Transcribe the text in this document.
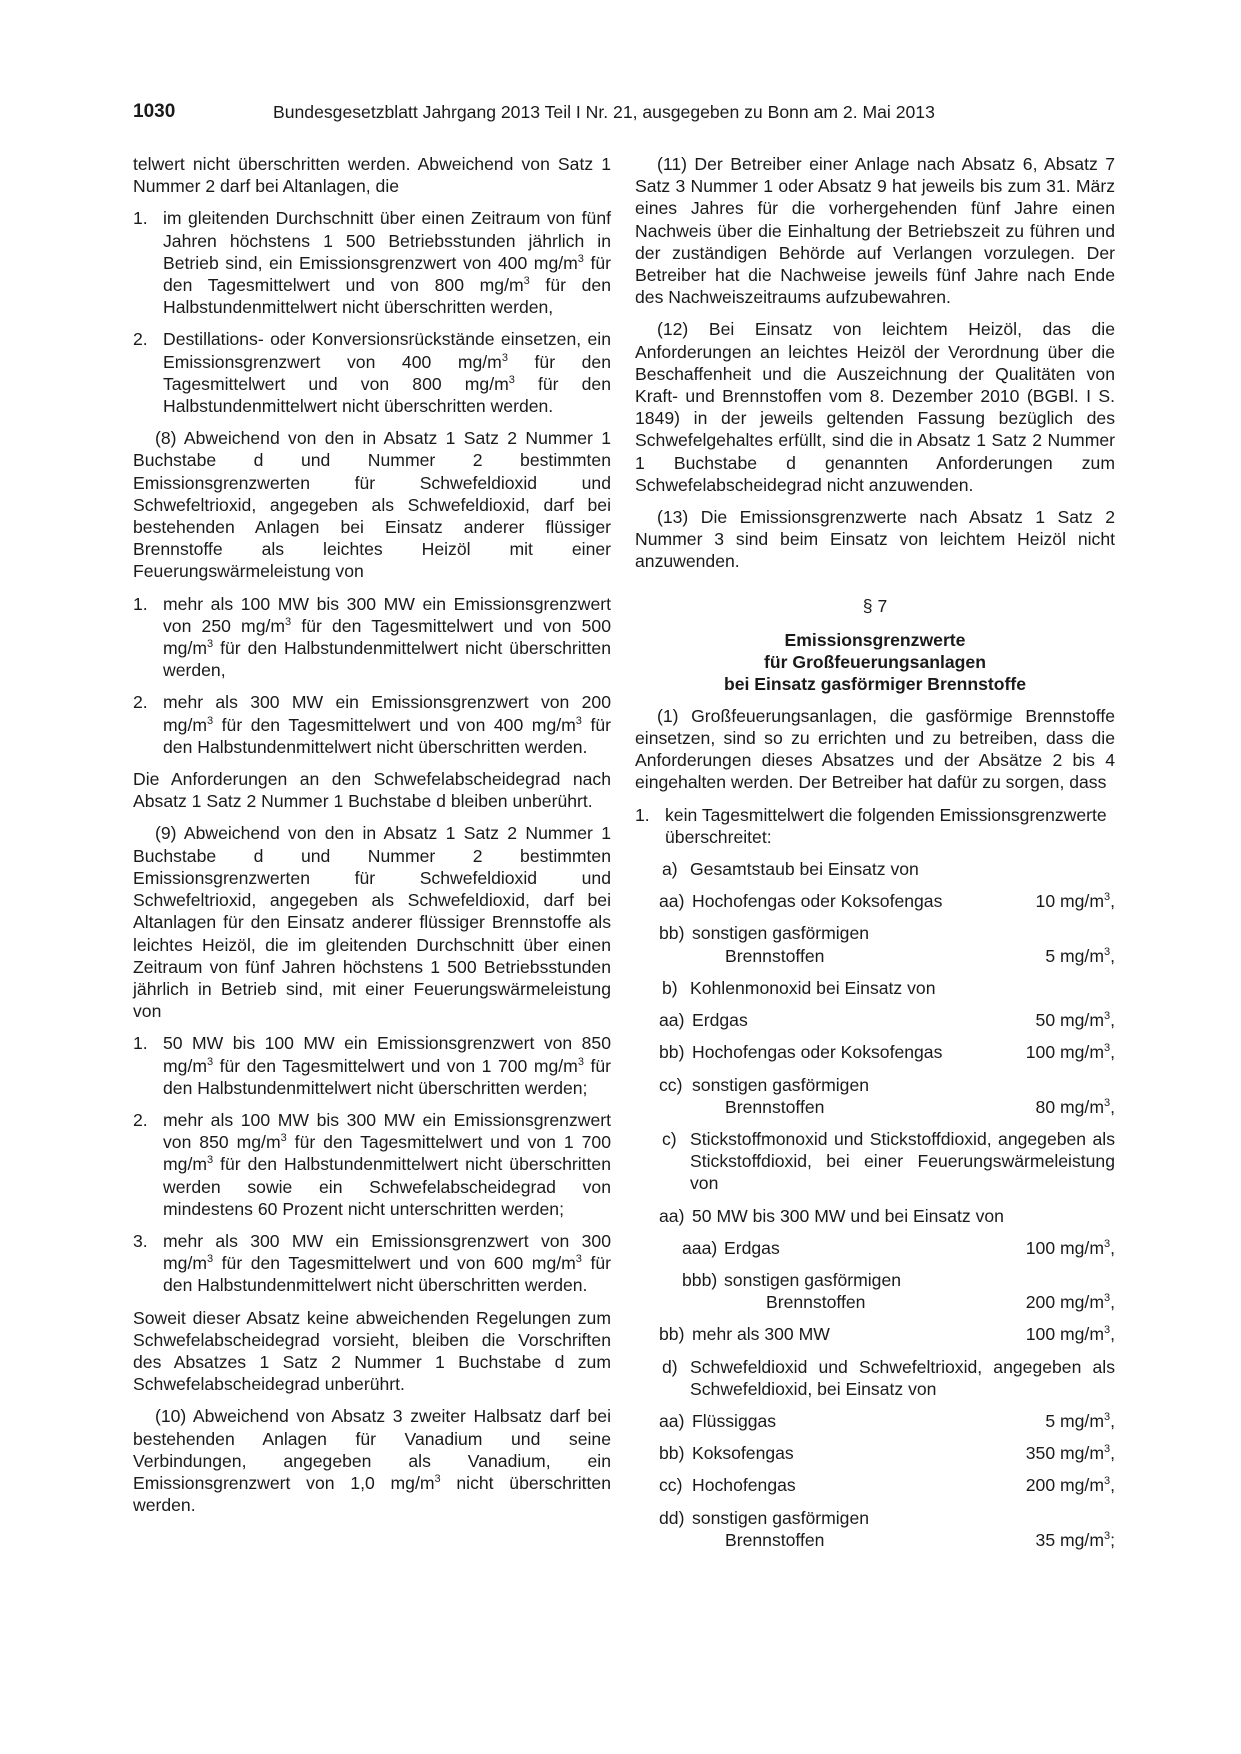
1030	Bundesgesetzblatt Jahrgang 2013 Teil I Nr. 21, ausgegeben zu Bonn am 2. Mai 2013

telwert nicht überschritten werden. Abweichend von Satz 1 Nummer 2 darf bei Altanlagen, die

1. im gleitenden Durchschnitt über einen Zeitraum von fünf Jahren höchstens 1 500 Betriebsstunden jährlich in Betrieb sind, ein Emissionsgrenzwert von 400 $mg/m^3$ für den Tagesmittelwert und von 800 $mg/m^3$ für den Halbstundenmittelwert nicht überschritten werden,
2. Destillations- oder Konversionsrückstände einsetzen, ein Emissionsgrenzwert von 400 $mg/m^3$ für den Tagesmittelwert und von 800 $mg/m^3$ für den Halbstundenmittelwert nicht überschritten werden.

(8) Abweichend von den in Absatz 1 Satz 2 Nummer 1 Buchstabe d und Nummer 2 bestimmten Emissionsgrenzwerten für Schwefeldioxid und Schwefeltrioxid, angegeben als Schwefeldioxid, darf bei bestehenden Anlagen bei Einsatz anderer flüssiger Brennstoffe als leichtes Heizöl mit einer Feuerungswärmeleistung von

1. mehr als 100 MW bis 300 MW ein Emissionsgrenzwert von 250 $mg/m^3$ für den Tagesmittelwert und von 500 $mg/m^3$ für den Halbstundenmittelwert nicht überschritten werden,
2. mehr als 300 MW ein Emissionsgrenzwert von 200 $mg/m^3$ für den Tagesmittelwert und von 400 $mg/m^3$ für den Halbstundenmittelwert nicht überschritten werden.

Die Anforderungen an den Schwefelabscheidegrad nach Absatz 1 Satz 2 Nummer 1 Buchstabe d bleiben unberührt.

(9) Abweichend von den in Absatz 1 Satz 2 Nummer 1 Buchstabe d und Nummer 2 bestimmten Emissionsgrenzwerten für Schwefeldioxid und Schwefeltrioxid, angegeben als Schwefeldioxid, darf bei Altanlagen für den Einsatz anderer flüssiger Brennstoffe als leichtes Heizöl, die im gleitenden Durchschnitt über einen Zeitraum von fünf Jahren höchstens 1 500 Betriebsstunden jährlich in Betrieb sind, mit einer Feuerungswärmeleistung von

1. 50 MW bis 100 MW ein Emissionsgrenzwert von 850 $mg/m^3$ für den Tagesmittelwert und von 1 700 $mg/m^3$ für den Halbstundenmittelwert nicht überschritten werden;
2. mehr als 100 MW bis 300 MW ein Emissionsgrenzwert von 850 $mg/m^3$ für den Tagesmittelwert und von 1 700 $mg/m^3$ für den Halbstundenmittelwert nicht überschritten werden sowie ein Schwefelabscheidegrad von mindestens 60 Prozent nicht unterschritten werden;
3. mehr als 300 MW ein Emissionsgrenzwert von 300 $mg/m^3$ für den Tagesmittelwert und von 600 $mg/m^3$ für den Halbstundenmittelwert nicht überschritten werden.

Soweit dieser Absatz keine abweichenden Regelungen zum Schwefelabscheidegrad vorsieht, bleiben die Vorschriften des Absatzes 1 Satz 2 Nummer 1 Buchstabe d zum Schwefelabscheidegrad unberührt.

(10) Abweichend von Absatz 3 zweiter Halbsatz darf bei bestehenden Anlagen für Vanadium und seine Verbindungen, angegeben als Vanadium, ein Emissionsgrenzwert von 1,0 $mg/m^3$ nicht überschritten werden.

(11) Der Betreiber einer Anlage nach Absatz 6, Absatz 7 Satz 3 Nummer 1 oder Absatz 9 hat jeweils bis zum 31. März eines Jahres für die vorhergehenden fünf Jahre einen Nachweis über die Einhaltung der Betriebszeit zu führen und der zuständigen Behörde auf Verlangen vorzulegen. Der Betreiber hat die Nachweise jeweils fünf Jahre nach Ende des Nachweiszeitraums aufzubewahren.

(12) Bei Einsatz von leichtem Heizöl, das die Anforderungen an leichtes Heizöl der Verordnung über die Beschaffenheit und die Auszeichnung der Qualitäten von Kraft- und Brennstoffen vom 8. Dezember 2010 (BGBl. I S. 1849) in der jeweils geltenden Fassung bezüglich des Schwefelgehaltes erfüllt, sind die in Absatz 1 Satz 2 Nummer 1 Buchstabe d genannten Anforderungen zum Schwefelabscheidegrad nicht anzuwenden.

(13) Die Emissionsgrenzwerte nach Absatz 1 Satz 2 Nummer 3 sind beim Einsatz von leichtem Heizöl nicht anzuwenden.

§ 7
Emissionsgrenzwerte
für Großfeuerungsanlagen
bei Einsatz gasförmiger Brennstoffe

(1) Großfeuerungsanlagen, die gasförmige Brennstoffe einsetzen, sind so zu errichten und zu betreiben, dass die Anforderungen dieses Absatzes und der Absätze 2 bis 4 eingehalten werden. Der Betreiber hat dafür zu sorgen, dass

1. kein Tagesmittelwert die folgenden Emissionsgrenzwerte überschreitet:
a) Gesamtstaub bei Einsatz von
aa) Hochofengas oder Koksofengas	10 $mg/m^3$,
bb) sonstigen gasförmigen
Brennstoffen	5 $mg/m^3$,
b) Kohlenmonoxid bei Einsatz von
aa) Erdgas	50 $mg/m^3$,
bb) Hochofengas oder Koksofengas	100 $mg/m^3$,
cc) sonstigen gasförmigen
Brennstoffen	80 $mg/m^3$,
c) Stickstoffmonoxid und Stickstoffdioxid, angegeben als Stickstoffdioxid, bei einer Feuerungswärmeleistung von
aa) 50 MW bis 300 MW und bei Einsatz von
aaa) Erdgas	100 $mg/m^3$,
bbb) sonstigen gasförmigen
Brennstoffen	200 $mg/m^3$,
bb) mehr als 300 MW	100 $mg/m^3$,
d) Schwefeldioxid und Schwefeltrioxid, angegeben als Schwefeldioxid, bei Einsatz von
aa) Flüssiggas	5 $mg/m^3$,
bb) Koksofengas	350 $mg/m^3$,
cc) Hochofengas	200 $mg/m^3$,
dd) sonstigen gasförmigen
Brennstoffen	35 $mg/m^3$;
